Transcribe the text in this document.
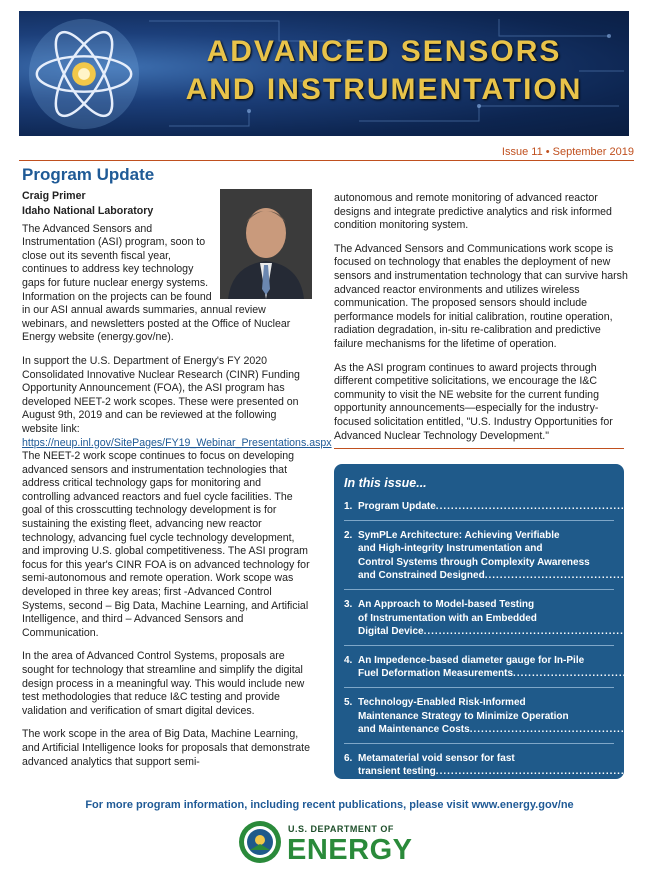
ADVANCED SENSORS
AND INSTRUMENTATION
Issue 11 • September 2019
Program Update
Craig Primer
Idaho National Laboratory

The Advanced Sensors and Instrumentation (ASI) program, soon to close out its seventh fiscal year, continues to address key technology gaps for future nuclear energy systems. Information on the projects can be found in our ASI annual awards summaries, annual review webinars, and newsletters posted at the Office of Nuclear Energy website (energy.gov/ne).

In support the U.S. Department of Energy's FY 2020 Consolidated Innovative Nuclear Research (CINR) Funding Opportunity Announcement (FOA), the ASI program has developed NEET-2 work scopes. These were presented on August 9th, 2019 and can be reviewed at the following website link: https://neup.inl.gov/SitePages/FY19_Webinar_Presentations.aspx The NEET-2 work scope continues to focus on developing advanced sensors and instrumentation technologies that address critical technology gaps for monitoring and controlling advanced reactors and fuel cycle facilities. The goal of this crosscutting technology development is for sustaining the existing fleet, advancing new reactor technology, advancing fuel cycle technology development, and improving U.S. global competitiveness. The ASI program focus for this year's CINR FOA is on advanced technology for semi-autonomous and remote operation. Work scope was developed in three key areas; first -Advanced Control Systems, second – Big Data, Machine Learning, and Artificial Intelligence, and third – Advanced Sensors and Communication.

In the area of Advanced Control Systems, proposals are sought for technology that streamline and simplify the digital design process in a meaningful way. This would include new test methodologies that reduce I&C testing and provide validation and verification of smart digital devices.

The work scope in the area of Big Data, Machine Learning, and Artificial Intelligence looks for proposals that demonstrate advanced analytics that support semi-

autonomous and remote monitoring of advanced reactor designs and integrate predictive analytics and risk informed condition monitoring system.

The Advanced Sensors and Communications work scope is focused on technology that enables the deployment of new sensors and instrumentation technology that can survive harsh advanced reactor environments and utilizes wireless communication. The proposed sensors should include performance models for initial calibration, routine operation, radiation degradation, in-situ re-calibration and predictive failure mechanisms for the lifetime of operation.

As the ASI program continues to award projects through different competitive solicitations, we encourage the I&C community to visit the NE website for the current funding opportunity announcements—especially for the industry-focused solicitation entitled, "U.S. Industry Opportunities for Advanced Nuclear Technology Development."

In this issue...
1. Program Update
.....
2. SymPLe Architecture: Achieving Verifiable
and High-integrity Instrumentation and
Control Systems through Complexity Awareness
and Constrained Designed
.....
3. An Approach to Model-based Testing
of Instrumentation with an Embedded
Digital Device
.....
4. An Impedence-based diameter gauge for In-Pile
Fuel Deformation Measurements
.....
5. Technology-Enabled Risk-Informed
Maintenance Strategy to Minimize Operation
and Maintenance Costs
.....
6. Metamaterial void sensor for fast
transient testing
.....
For more program information, including recent publications, please visit www.energy.gov/ne
U.S. DEPARTMENT OF
ENERGY
